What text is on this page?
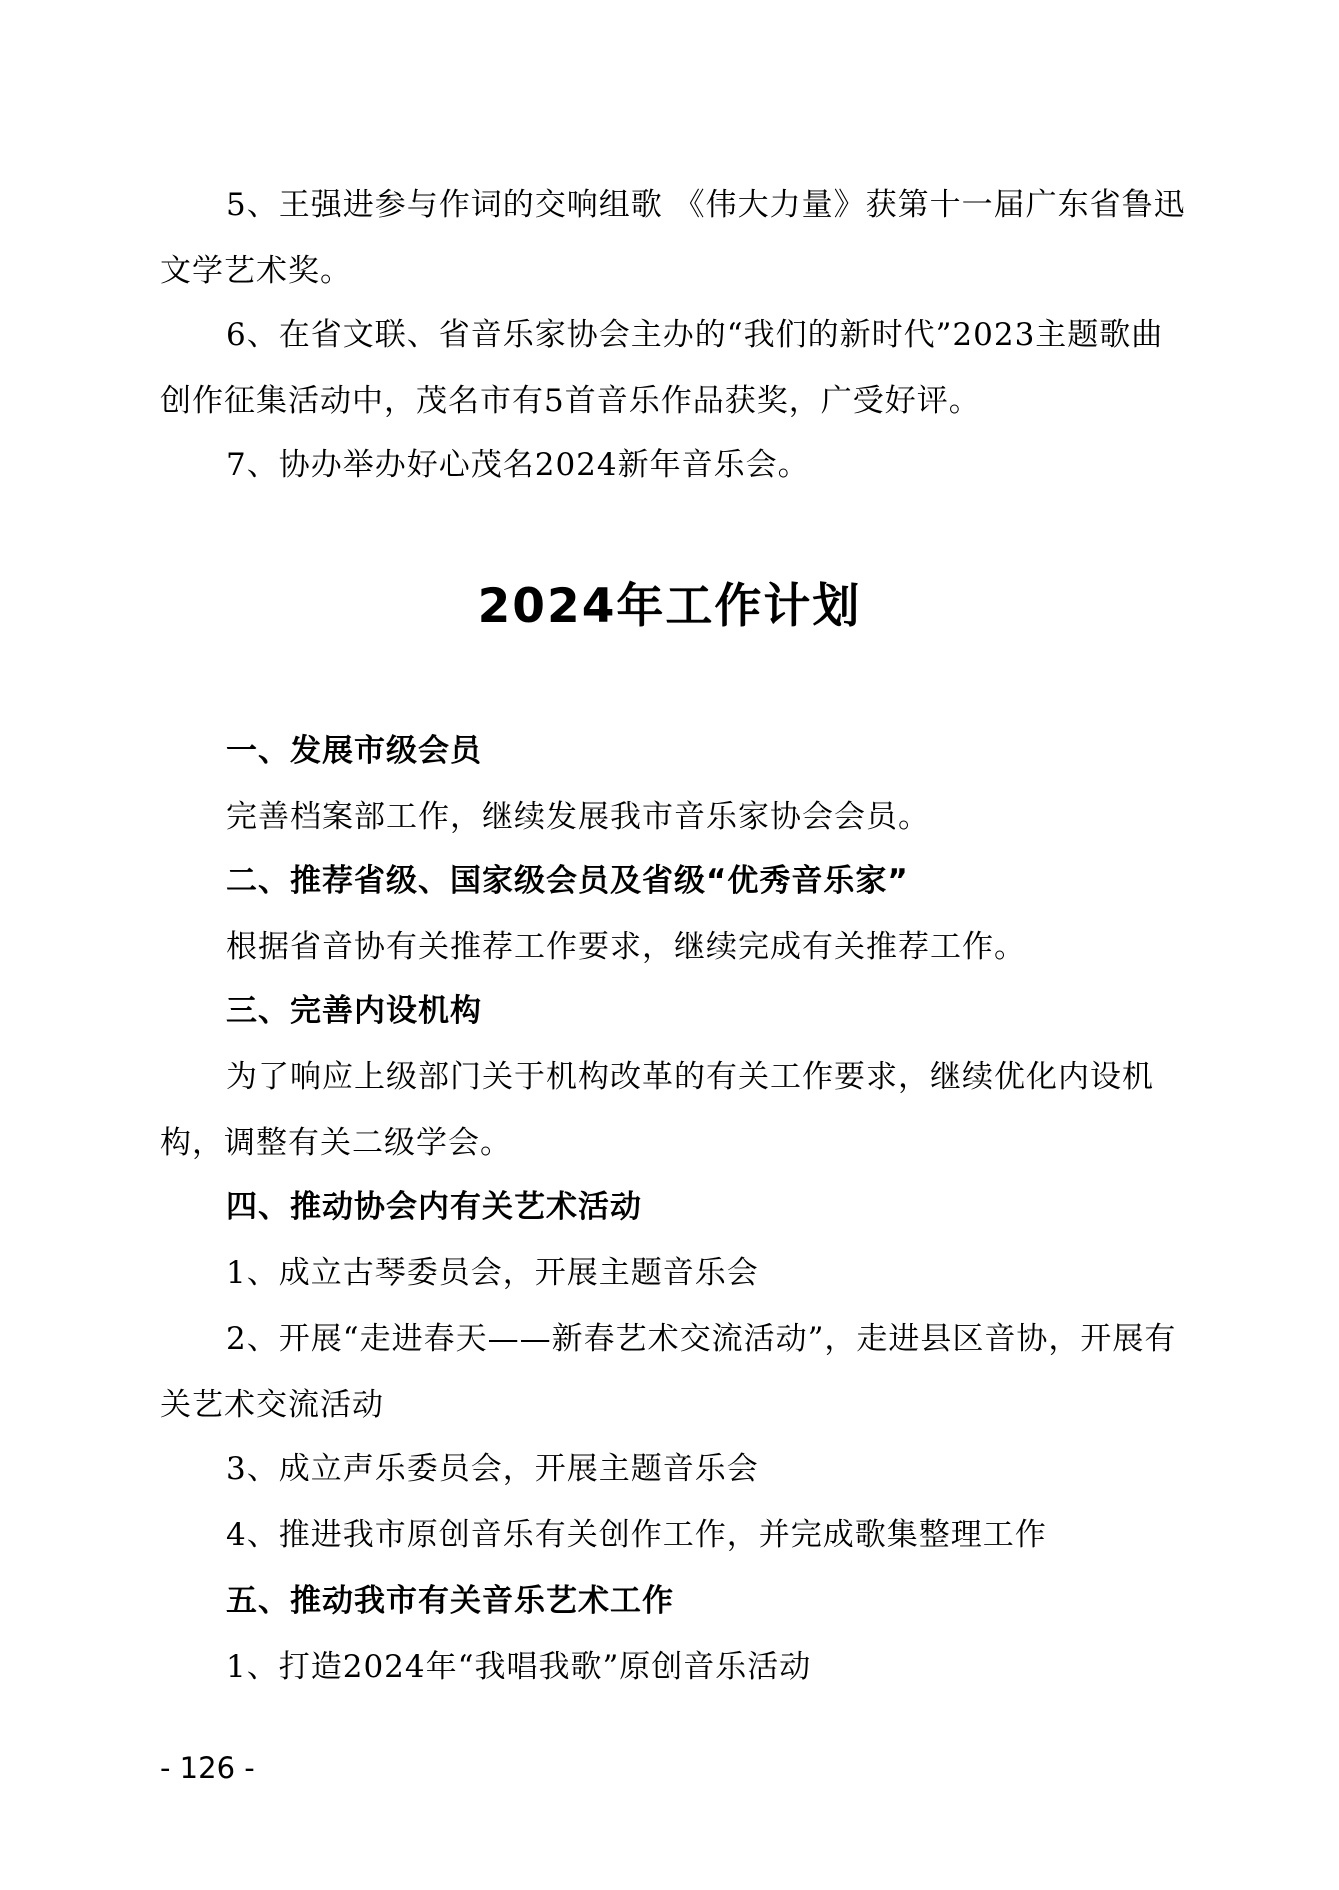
5、王强进参与作词的交响组歌 《伟大力量》获第十一届广东省鲁迅文学艺术奖。
6、在省文联、省音乐家协会主办的“我们的新时代”2023主题歌曲创作征集活动中，茂名市有5首音乐作品获奖，广受好评。
7、协办举办好心茂名2024新年音乐会。
2024年工作计划
一、发展市级会员
完善档案部工作，继续发展我市音乐家协会会员。
二、推荐省级、国家级会员及省级“优秀音乐家”
根据省音协有关推荐工作要求，继续完成有关推荐工作。
三、完善内设机构
为了响应上级部门关于机构改革的有关工作要求，继续优化内设机构，调整有关二级学会。
四、推动协会内有关艺术活动
1、成立古琴委员会，开展主题音乐会
2、开展“走进春天——新春艺术交流活动”，走进县区音协，开展有关艺术交流活动
3、成立声乐委员会，开展主题音乐会
4、推进我市原创音乐有关创作工作，并完成歌集整理工作
五、推动我市有关音乐艺术工作
1、打造2024年“我唱我歌”原创音乐活动
- 126 -
